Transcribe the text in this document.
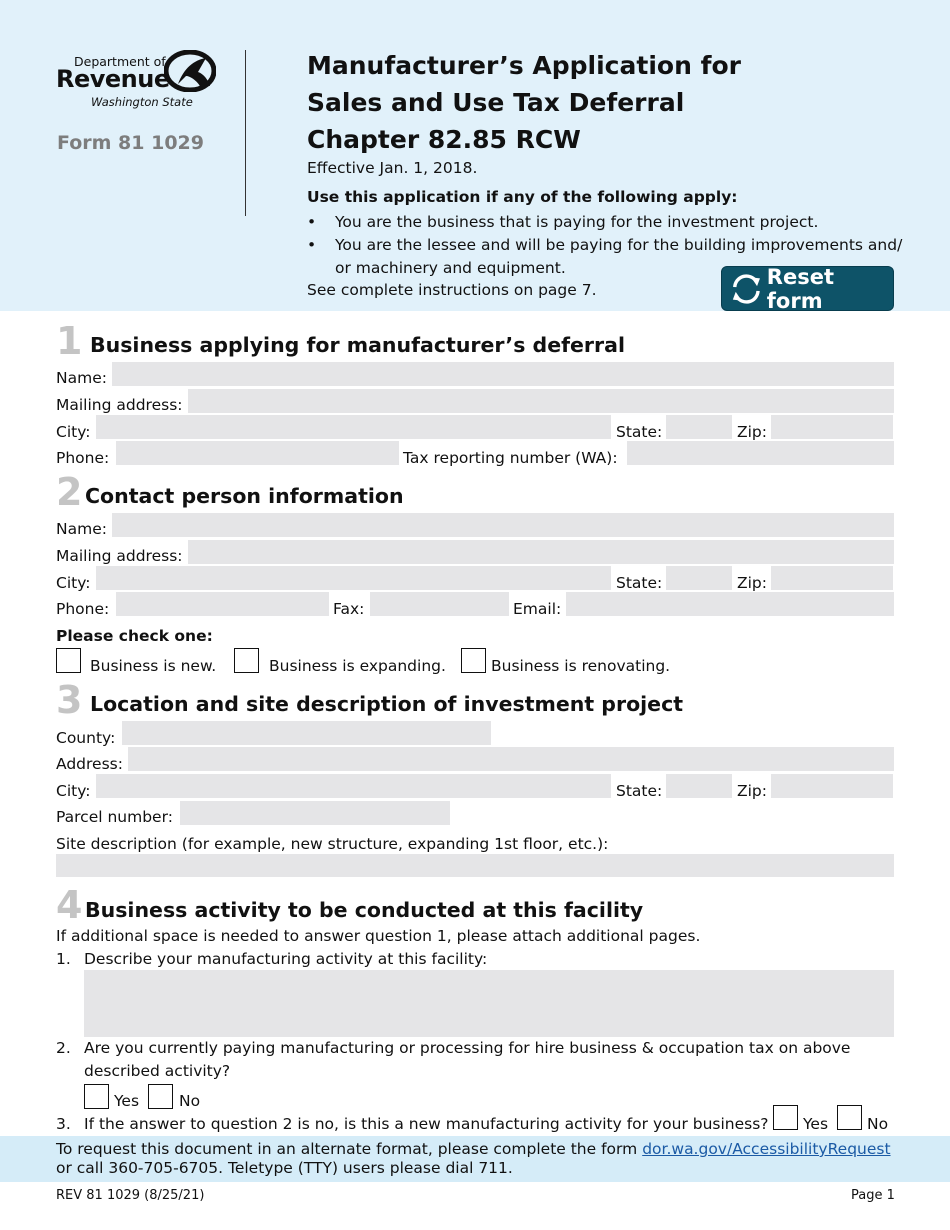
Department of
Revenue
Washington State
Form 81 1029
Manufacturer’s Application for
Sales and Use Tax Deferral
Chapter 82.85 RCW
Effective Jan. 1, 2018.
Use this application if any of the following apply:
• You are the business that is paying for the investment project.
• You are the lessee and will be paying for the building improvements and/ or machinery and equipment.
See complete instructions on page 7.
Reset form
1 Business applying for manufacturer’s deferral
Name:
Mailing address:
City:	State:	Zip:
Phone:	Tax reporting number (WA):
2 Contact person information
Name:
Mailing address:
City:	State:	Zip:
Phone:	Fax:	Email:
Please check one:
Business is new.	Business is expanding.	Business is renovating.
3 Location and site description of investment project
County:
Address:
City:	State:	Zip:
Parcel number:
Site description (for example, new structure, expanding 1st floor, etc.):
4 Business activity to be conducted at this facility
If additional space is needed to answer question 1, please attach additional pages.
1. Describe your manufacturing activity at this facility:
2. Are you currently paying manufacturing or processing for hire business & occupation tax on above
described activity?
Yes	No
3. If the answer to question 2 is no, is this a new manufacturing activity for your business? Yes	No
To request this document in an alternate format, please complete the form dor.wa.gov/AccessibilityRequest
or call 360-705-6705. Teletype (TTY) users please dial 711.
REV 81 1029 (8/25/21)	Page 1
